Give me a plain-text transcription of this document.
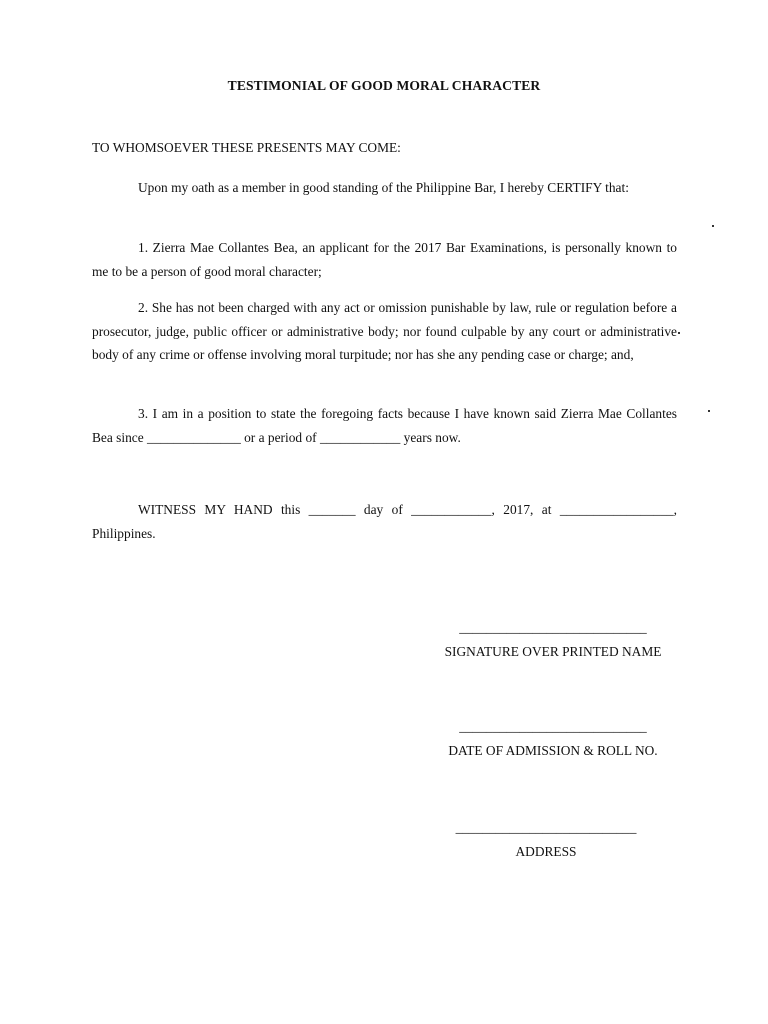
TESTIMONIAL OF GOOD MORAL CHARACTER
TO WHOMSOEVER THESE PRESENTS MAY COME:

Upon my oath as a member in good standing of the Philippine Bar, I hereby CERTIFY that:

1. Zierra Mae Collantes Bea, an applicant for the 2017 Bar Examinations, is personally known to me to be a person of good moral character;

2. She has not been charged with any act or omission punishable by law, rule or regulation before a prosecutor, judge, public officer or administrative body; nor found culpable by any court or administrative body of any crime or offense involving moral turpitude; nor has she any pending case or charge; and,

3. I am in a position to state the foregoing facts because I have known said Zierra Mae Collantes Bea since ______________ or a period of ____________ years now.

WITNESS MY HAND this _______ day of ____________, 2017, at _________________, Philippines.

____________________________
SIGNATURE OVER PRINTED NAME
____________________________
DATE OF ADMISSION & ROLL NO.
___________________________
ADDRESS
